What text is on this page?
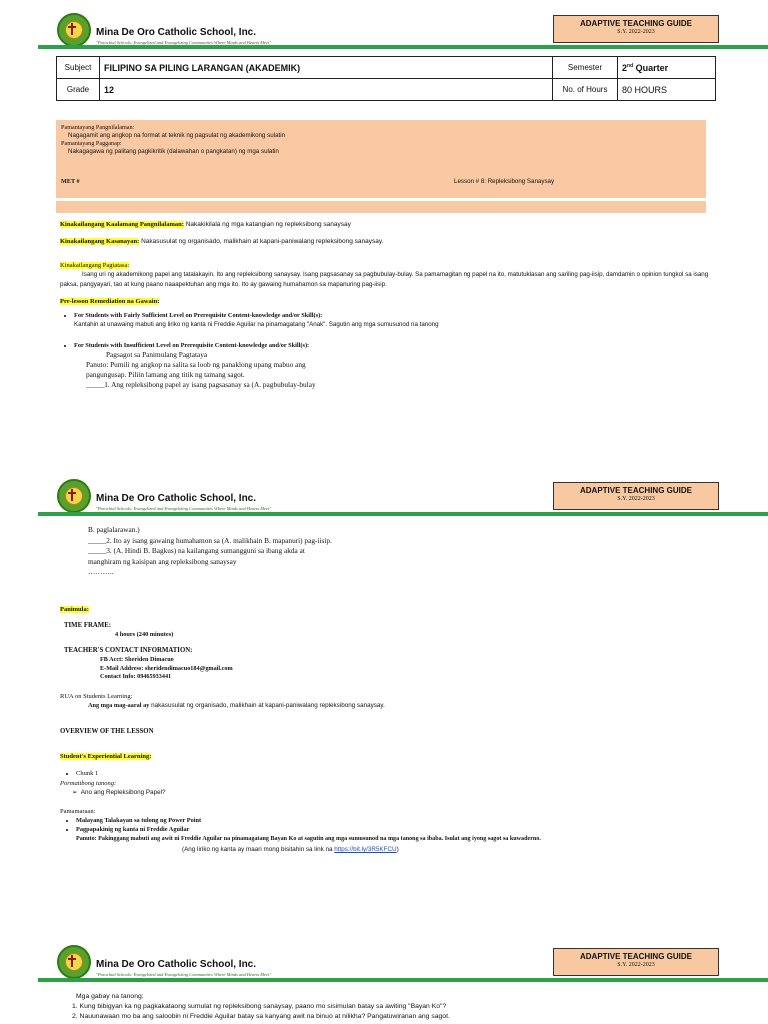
Mina De Oro Catholic School, Inc.
"Parochial Schools: Evangelized and Evangelizing Communities Where Minds and Hearts Meet"
ADAPTIVE TEACHING GUIDE
S.Y. 2022-2023
Subject	FILIPINO SA PILING LARANGAN (AKADEMIK)	Semester	2nd Quarter
Grade	12	No. of Hours	80 HOURS
Pamantayang Pangnilalaman:
Nagagamit ang angkop na format at teknik ng pagsulat ng akademikong sulatin
Pamantayang Pagganap:
Nakagagawa ng palitang pagkikritik (dalawahan o pangkatan) ng mga sulatin
MET #	Lesson # 8: Repleksibong Sanaysay
Kinakailangang Kaalamang Pangnilalaman: Nakakikilala ng mga katangian ng repleksibong sanaysay
Kinakailangang Kasanayan: Nakasusulat ng organisado, malikhain at kapani-paniwalang repleksibong sanaysay.
Kinakailangang Pagtatasa:
Isang uri ng akademikong papel ang tatalakayin. Ito ang repleksibong sanaysay. Isang pagsasanay sa pagbubulay-bulay. Sa pamamagitan ng papel na ito, matutuklasan ang sariling pag-iisip, damdamin o opinion tungkol sa isang paksa, pangyayari, tao at kung paano naaapektuhan ang mga ito. Ito ay gawaing humahamon sa mapanuring pag-iisip.
Pre-lesson Remediation na Gawain:
• For Students with Fairly Sufficient Level on Prerequisite Content-knowledge and/or Skill(s):
Kantahin at unawaing mabuti ang liriko ng kanta ni Freddie Aguilar na pinamagatang "Anak". Sagutin ang mga sumusunod na tanong
• For Students with Insufficient Level on Prerequisite Content-knowledge and/or Skill(s):
Pagsagot sa Panimulang Pagtataya
Panuto: Pumili ng angkop na salita sa loob ng panaklong upang mabuo ang
pangungusap. Piliin lamang ang titik ng tamang sagot.
_____1. Ang repleksibong papel ay isang pagsasanay sa (A. pagbubulay-bulay
Mina De Oro Catholic School, Inc.
"Parochial Schools: Evangelized and Evangelizing Communities Where Minds and Hearts Meet"
ADAPTIVE TEACHING GUIDE
S.Y. 2022-2023
B. paglalarawan.)
_____2. Ito ay isang gawaing humahamon sa (A. malikhain B. mapanuri) pag-iisip.
_____3. (A. Hindi B. Bagkus) na kailangang sumangguni sa ibang akda at
manghiram ng kaisipan ang repleksibong sanaysay
………..
Panimula:
TIME FRAME:
4 hours (240 minutes)
TEACHER'S CONTACT INFORMATION:
FB Acct: Sheriden Dimacuo
E-Mail Address: sheridendimacuo184@gmail.com
Contact Info: 09465933441
RUA on Students Learning:
Ang mga mag-aaral ay nakasusulat ng organisado, malikhain at kapani-paniwalang repleksibong sanaysay.
OVERVIEW OF THE LESSON
Student's Experiential Learning:
• Chunk 1
Pormatibong tanong:
➢ Ano ang Repleksibong Papel?
Pamamaraan:
• Malayang Talakayan sa tulong ng Power Point
• Pagpapakinig ng kanta ni Freddie Aguilar
Panuto: Pakinggang mabuti ang awit ni Freddie Aguilar na pinamagatang Bayan Ko at sagutin ang mga sumusunod na mga tanong sa ibaba. Isulat ang iyong sagot sa kuwaderno.
(Ang liriko ng kanta ay maari mong bisitahin sa link na https://bit.ly/3R5KFCU)
Mina De Oro Catholic School, Inc.
"Parochial Schools: Evangelized and Evangelizing Communities Where Minds and Hearts Meet"
ADAPTIVE TEACHING GUIDE
S.Y. 2022-2023
Mga gabay na tanong:
1. Kung bibigyan ka ng pagkakataong sumulat ng repleksibong sanaysay, paano mo sisimulan batay sa awiting "Bayan Ko"?
2. Nauunawaan mo ba ang saloobin ni Freddie Aguilar batay sa kanyang awit na binuo at nilikha? Pangatuwiranan ang sagot.
